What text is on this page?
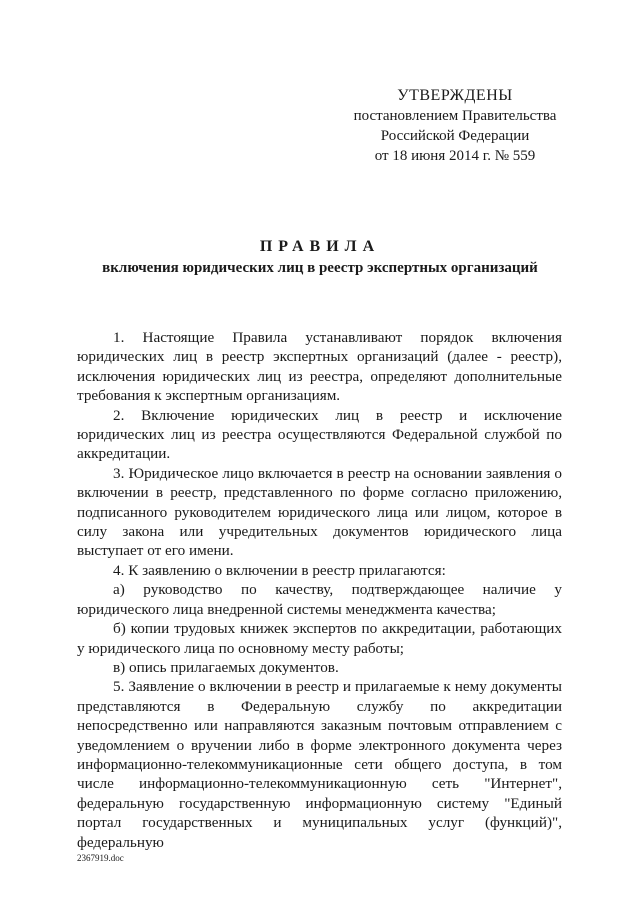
УТВЕРЖДЕНЫ
постановлением Правительства
Российской Федерации
от 18 июня 2014 г. № 559
ПРАВИЛА
включения юридических лиц в реестр экспертных организаций

1. Настоящие Правила устанавливают порядок включения юридических лиц в реестр экспертных организаций (далее - реестр), исключения юридических лиц из реестра, определяют дополнительные требования к экспертным организациям.

2. Включение юридических лиц в реестр и исключение юридических лиц из реестра осуществляются Федеральной службой по аккредитации.

3. Юридическое лицо включается в реестр на основании заявления о включении в реестр, представленного по форме согласно приложению, подписанного руководителем юридического лица или лицом, которое в силу закона или учредительных документов юридического лица выступает от его имени.

4. К заявлению о включении в реестр прилагаются:

а) руководство по качеству, подтверждающее наличие у юридического лица внедренной системы менеджмента качества;

б) копии трудовых книжек экспертов по аккредитации, работающих у юридического лица по основному месту работы;

в) опись прилагаемых документов.

5. Заявление о включении в реестр и прилагаемые к нему документы представляются в Федеральную службу по аккредитации непосредственно или направляются заказным почтовым отправлением с уведомлением о вручении либо в форме электронного документа через информационно-телекоммуникационные сети общего доступа, в том числе информационно-телекоммуникационную сеть "Интернет", федеральную государственную информационную систему "Единый портал государственных и муниципальных услуг (функций)", федеральную

2367919.doc
